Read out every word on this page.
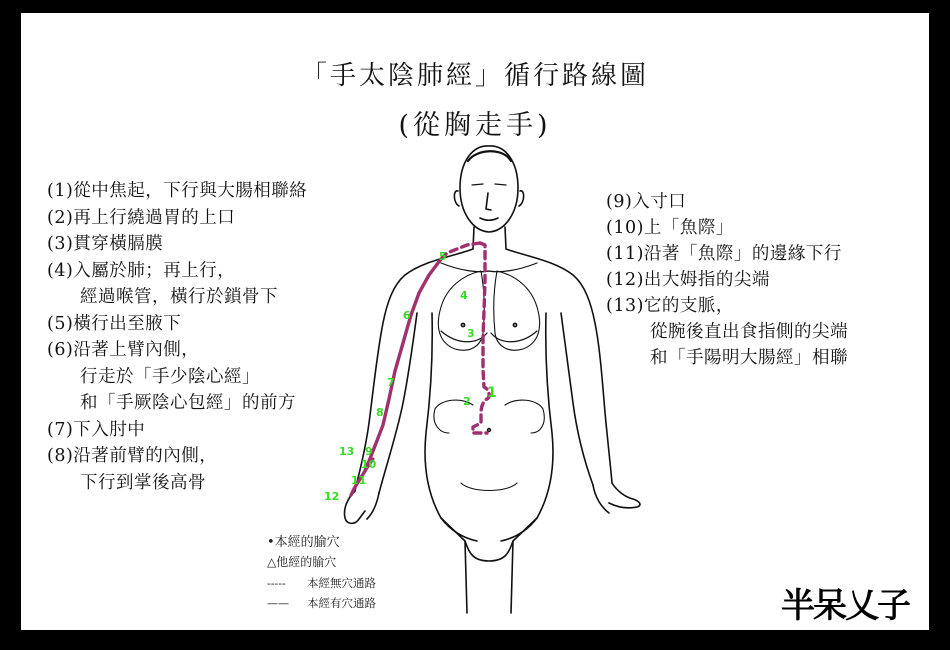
「手太陰肺經」循行路線圖
(從胸走手)
(1)從中焦起，下行與大腸相聯絡
(2)再上行繞過胃的上口
(3)貫穿橫膈膜
(4)入屬於肺；再上行，
經過喉管，橫行於鎖骨下
(5)橫行出至腋下
(6)沿著上臂內側，
行走於「手少陰心經」
和「手厥陰心包經」的前方
(7)下入肘中
(8)沿著前臂的內側，
下行到掌後高骨
(9)入寸口
(10)上「魚際」
(11)沿著「魚際」的邊緣下行
(12)出大姆指的尖端
(13)它的支脈，
從腕後直出食指側的尖端
和「手陽明大腸經」相聯
1
2
3
4
5
6
7
8
9
10
11
12
13
•本經的腧穴
△他經的腧穴
----- 本經無穴通路
—— 本經有穴通路	半呆乂子
